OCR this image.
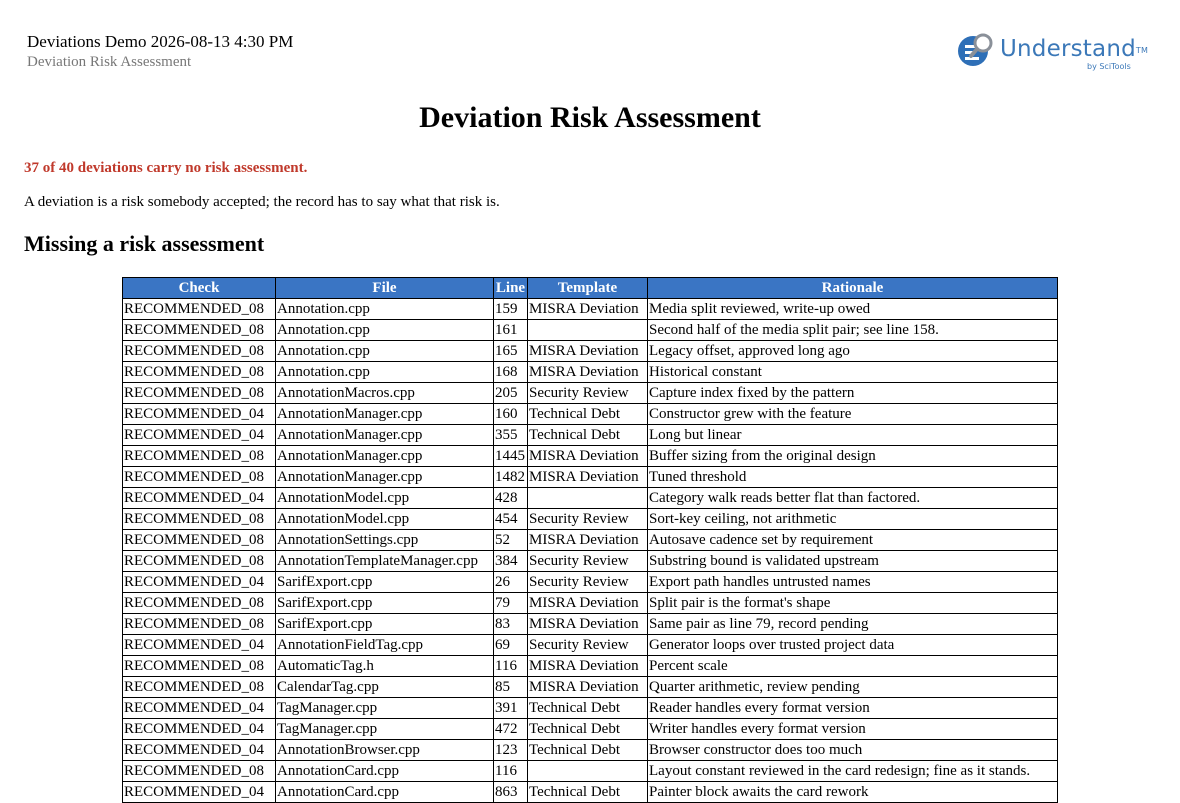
Deviations Demo 2026-08-13 4:30 PM
Deviation Risk Assessment	Understand™
by SciTools
Deviation Risk Assessment

37 of 40 deviations carry no risk assessment.

A deviation is a risk somebody accepted; the record has to say what that risk is.

Missing a risk assessment
Check	File	Line	Template	Rationale
RECOMMENDED_08	Annotation.cpp	159	MISRA Deviation	Media split reviewed, write-up owed
RECOMMENDED_08	Annotation.cpp	161		Second half of the media split pair; see line 158.
RECOMMENDED_08	Annotation.cpp	165	MISRA Deviation	Legacy offset, approved long ago
RECOMMENDED_08	Annotation.cpp	168	MISRA Deviation	Historical constant
RECOMMENDED_08	AnnotationMacros.cpp	205	Security Review	Capture index fixed by the pattern
RECOMMENDED_04	AnnotationManager.cpp	160	Technical Debt	Constructor grew with the feature
RECOMMENDED_04	AnnotationManager.cpp	355	Technical Debt	Long but linear
RECOMMENDED_08	AnnotationManager.cpp	1445	MISRA Deviation	Buffer sizing from the original design
RECOMMENDED_08	AnnotationManager.cpp	1482	MISRA Deviation	Tuned threshold
RECOMMENDED_04	AnnotationModel.cpp	428		Category walk reads better flat than factored.
RECOMMENDED_08	AnnotationModel.cpp	454	Security Review	Sort-key ceiling, not arithmetic
RECOMMENDED_08	AnnotationSettings.cpp	52	MISRA Deviation	Autosave cadence set by requirement
RECOMMENDED_08	AnnotationTemplateManager.cpp	384	Security Review	Substring bound is validated upstream
RECOMMENDED_04	SarifExport.cpp	26	Security Review	Export path handles untrusted names
RECOMMENDED_08	SarifExport.cpp	79	MISRA Deviation	Split pair is the format's shape
RECOMMENDED_08	SarifExport.cpp	83	MISRA Deviation	Same pair as line 79, record pending
RECOMMENDED_04	AnnotationFieldTag.cpp	69	Security Review	Generator loops over trusted project data
RECOMMENDED_08	AutomaticTag.h	116	MISRA Deviation	Percent scale
RECOMMENDED_08	CalendarTag.cpp	85	MISRA Deviation	Quarter arithmetic, review pending
RECOMMENDED_04	TagManager.cpp	391	Technical Debt	Reader handles every format version
RECOMMENDED_04	TagManager.cpp	472	Technical Debt	Writer handles every format version
RECOMMENDED_04	AnnotationBrowser.cpp	123	Technical Debt	Browser constructor does too much
RECOMMENDED_08	AnnotationCard.cpp	116		Layout constant reviewed in the card redesign; fine as it stands.
RECOMMENDED_04	AnnotationCard.cpp	863	Technical Debt	Painter block awaits the card rework
